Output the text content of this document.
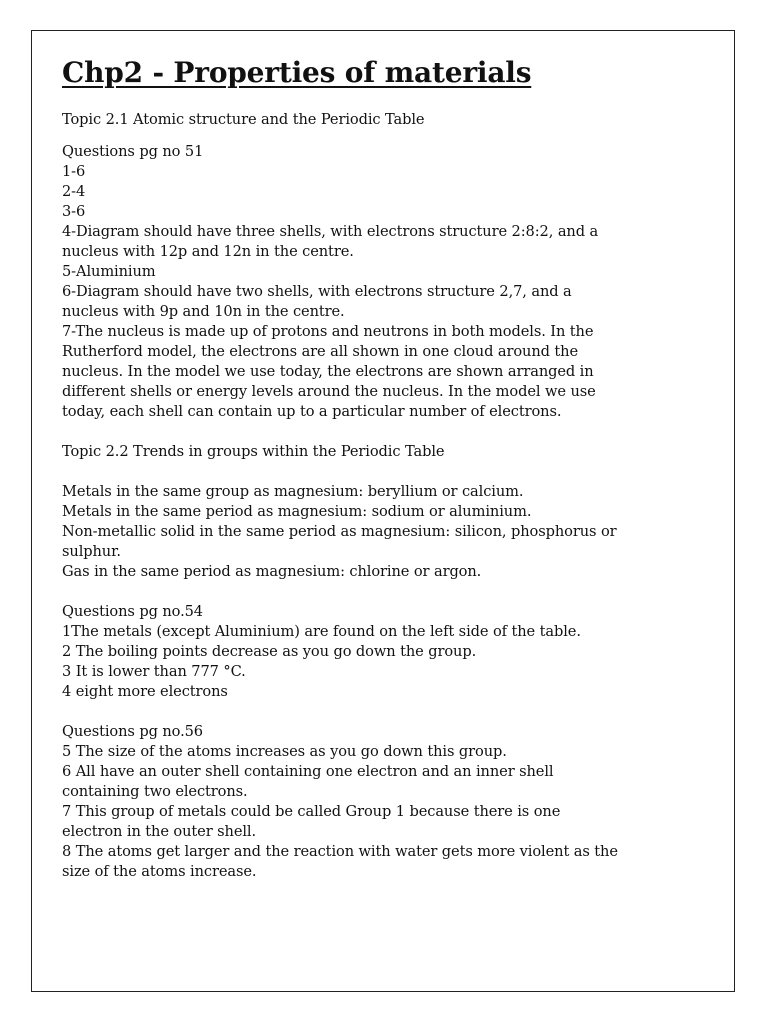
Chp2 - Properties of materials
Topic 2.1 Atomic structure and the Periodic Table
Questions pg no 51
1-6
2-4
3-6
4-Diagram should have three shells, with electrons structure 2:8:2, and a
nucleus with 12p and 12n in the centre.
5-Aluminium
6-Diagram should have two shells, with electrons structure 2,7, and a
nucleus with 9p and 10n in the centre.
7-The nucleus is made up of protons and neutrons in both models. In the
Rutherford model, the electrons are all shown in one cloud around the
nucleus. In the model we use today, the electrons are shown arranged in
different shells or energy levels around the nucleus. In the model we use
today, each shell can contain up to a particular number of electrons.
Topic 2.2 Trends in groups within the Periodic Table
Metals in the same group as magnesium: beryllium or calcium.
Metals in the same period as magnesium: sodium or aluminium.
Non-metallic solid in the same period as magnesium: silicon, phosphorus or
sulphur.
Gas in the same period as magnesium: chlorine or argon.
Questions pg no.54
1The metals (except Aluminium) are found on the left side of the table.
2 The boiling points decrease as you go down the group.
3 It is lower than 777 °C.
4 eight more electrons
Questions pg no.56
5 The size of the atoms increases as you go down this group.
6 All have an outer shell containing one electron and an inner shell
containing two electrons.
7 This group of metals could be called Group 1 because there is one
electron in the outer shell.
8 The atoms get larger and the reaction with water gets more violent as the
size of the atoms increase.
